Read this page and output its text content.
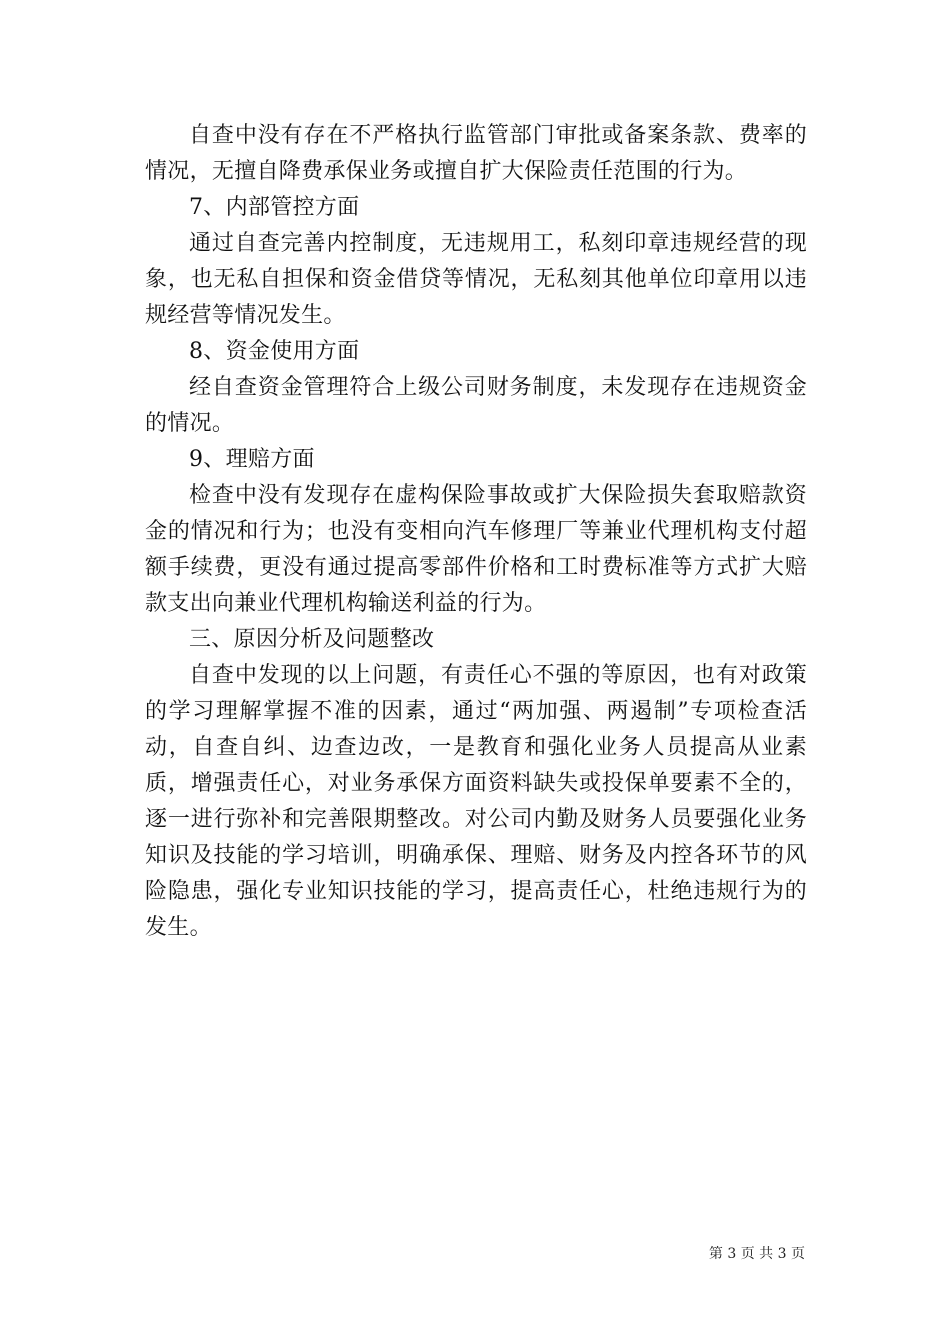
自查中没有存在不严格执行监管部门审批或备案条款、费率的情况，无擅自降费承保业务或擅自扩大保险责任范围的行为。

7、内部管控方面

通过自查完善内控制度，无违规用工，私刻印章违规经营的现象，也无私自担保和资金借贷等情况，无私刻其他单位印章用以违规经营等情况发生。

8、资金使用方面

经自查资金管理符合上级公司财务制度，未发现存在违规资金的情况。

9、理赔方面

检查中没有发现存在虚构保险事故或扩大保险损失套取赔款资金的情况和行为；也没有变相向汽车修理厂等兼业代理机构支付超额手续费，更没有通过提高零部件价格和工时费标准等方式扩大赔款支出向兼业代理机构输送利益的行为。

三、原因分析及问题整改

自查中发现的以上问题，有责任心不强的等原因，也有对政策的学习理解掌握不准的因素，通过“两加强、两遏制”专项检查活动，自查自纠、边查边改，一是教育和强化业务人员提高从业素质，增强责任心，对业务承保方面资料缺失或投保单要素不全的，逐一进行弥补和完善限期整改。对公司内勤及财务人员要强化业务知识及技能的学习培训，明确承保、理赔、财务及内控各环节的风险隐患，强化专业知识技能的学习，提高责任心，杜绝违规行为的发生。

第 3 页 共 3 页
